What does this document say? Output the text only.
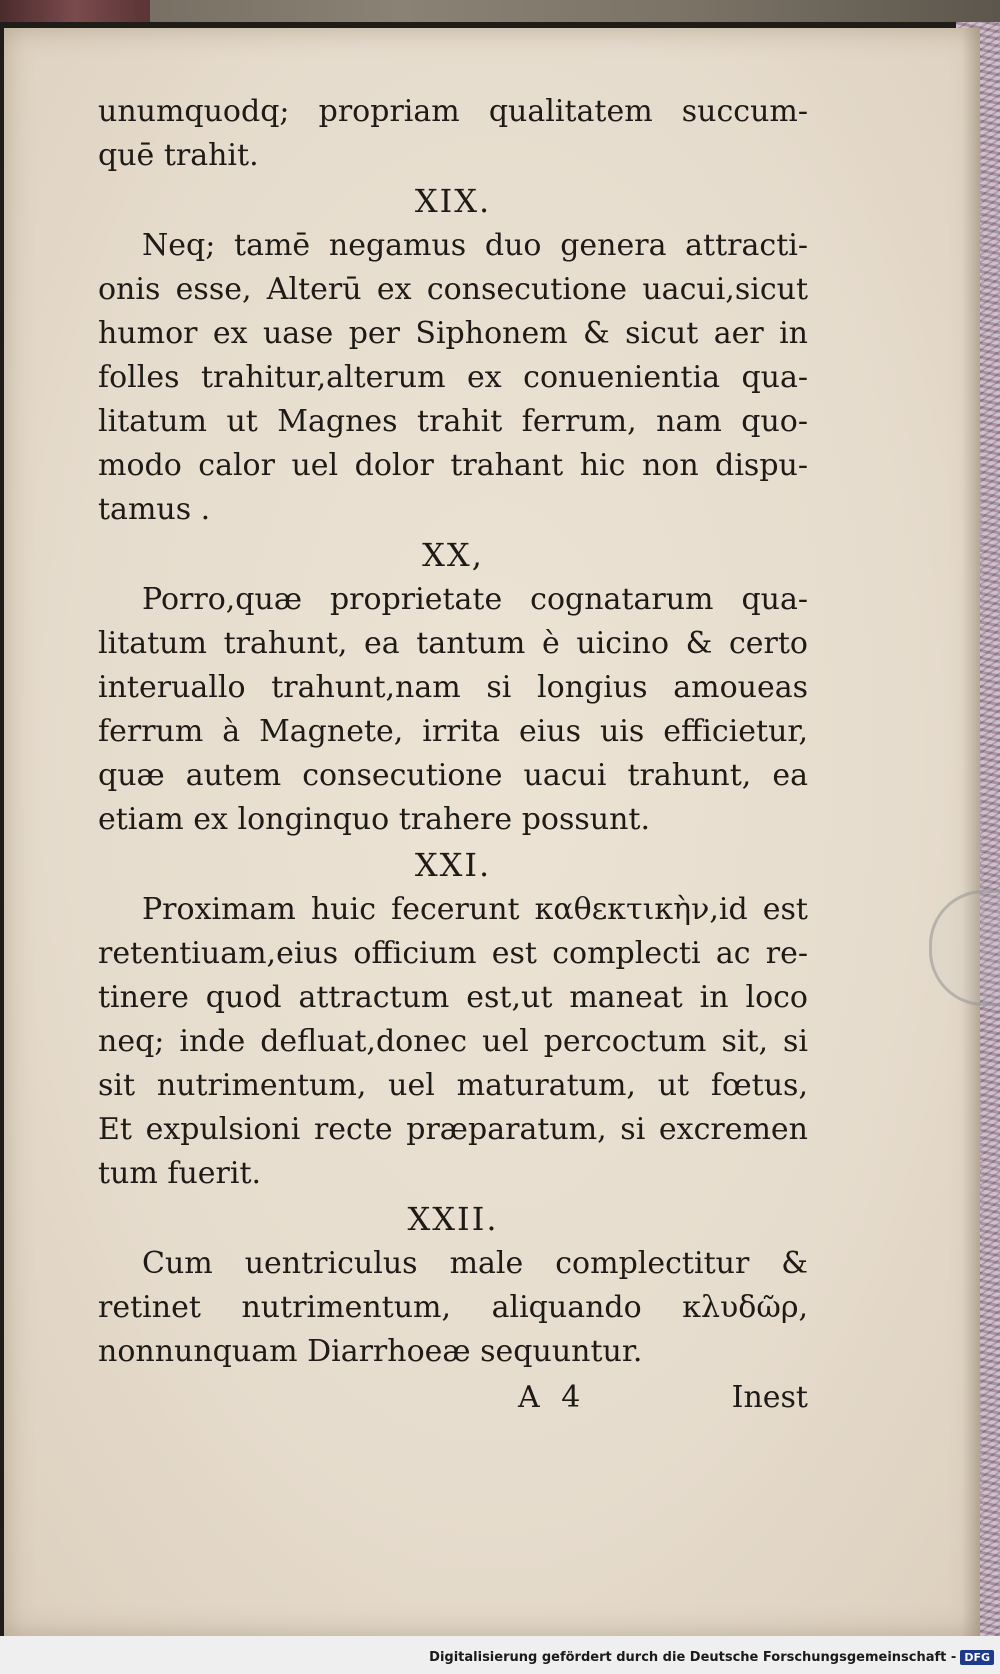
unumquodq; propriam qualitatem succum-
quē trahit.
XIX.
Neq; tamē negamus duo genera attracti-
onis esse, Alterū ex consecutione uacui,sicut
humor ex uase per Siphonem & sicut aer in
folles trahitur,alterum ex conuenientia qua-
litatum ut Magnes trahit ferrum, nam quo-
modo calor uel dolor trahant hic non dispu-
tamus .
XX,
Porro,quæ proprietate cognatarum qua-
litatum trahunt, ea tantum è uicino & certo
interuallo trahunt,nam si longius amoueas
ferrum à Magnete, irrita eius uis efficietur,
quæ autem consecutione uacui trahunt, ea
etiam ex longinquo trahere possunt.
XXI.
Proximam huic fecerunt καθεκτικὴν,id est
retentiuam,eius officium est complecti ac re-
tinere quod attractum est,ut maneat in loco
neq; inde defluat,donec uel percoctum sit, si
sit nutrimentum, uel maturatum, ut fœtus,
Et expulsioni recte præparatum, si excremen
tum fuerit.
XXII.
Cum uentriculus male complectitur &
retinet nutrimentum, aliquando κλυδῶρ,
nonnunquam Diarrhoeæ sequuntur.
A 4	Inest
Digitalisierung gefördert durch die Deutsche Forschungsgemeinschaft - DFG
